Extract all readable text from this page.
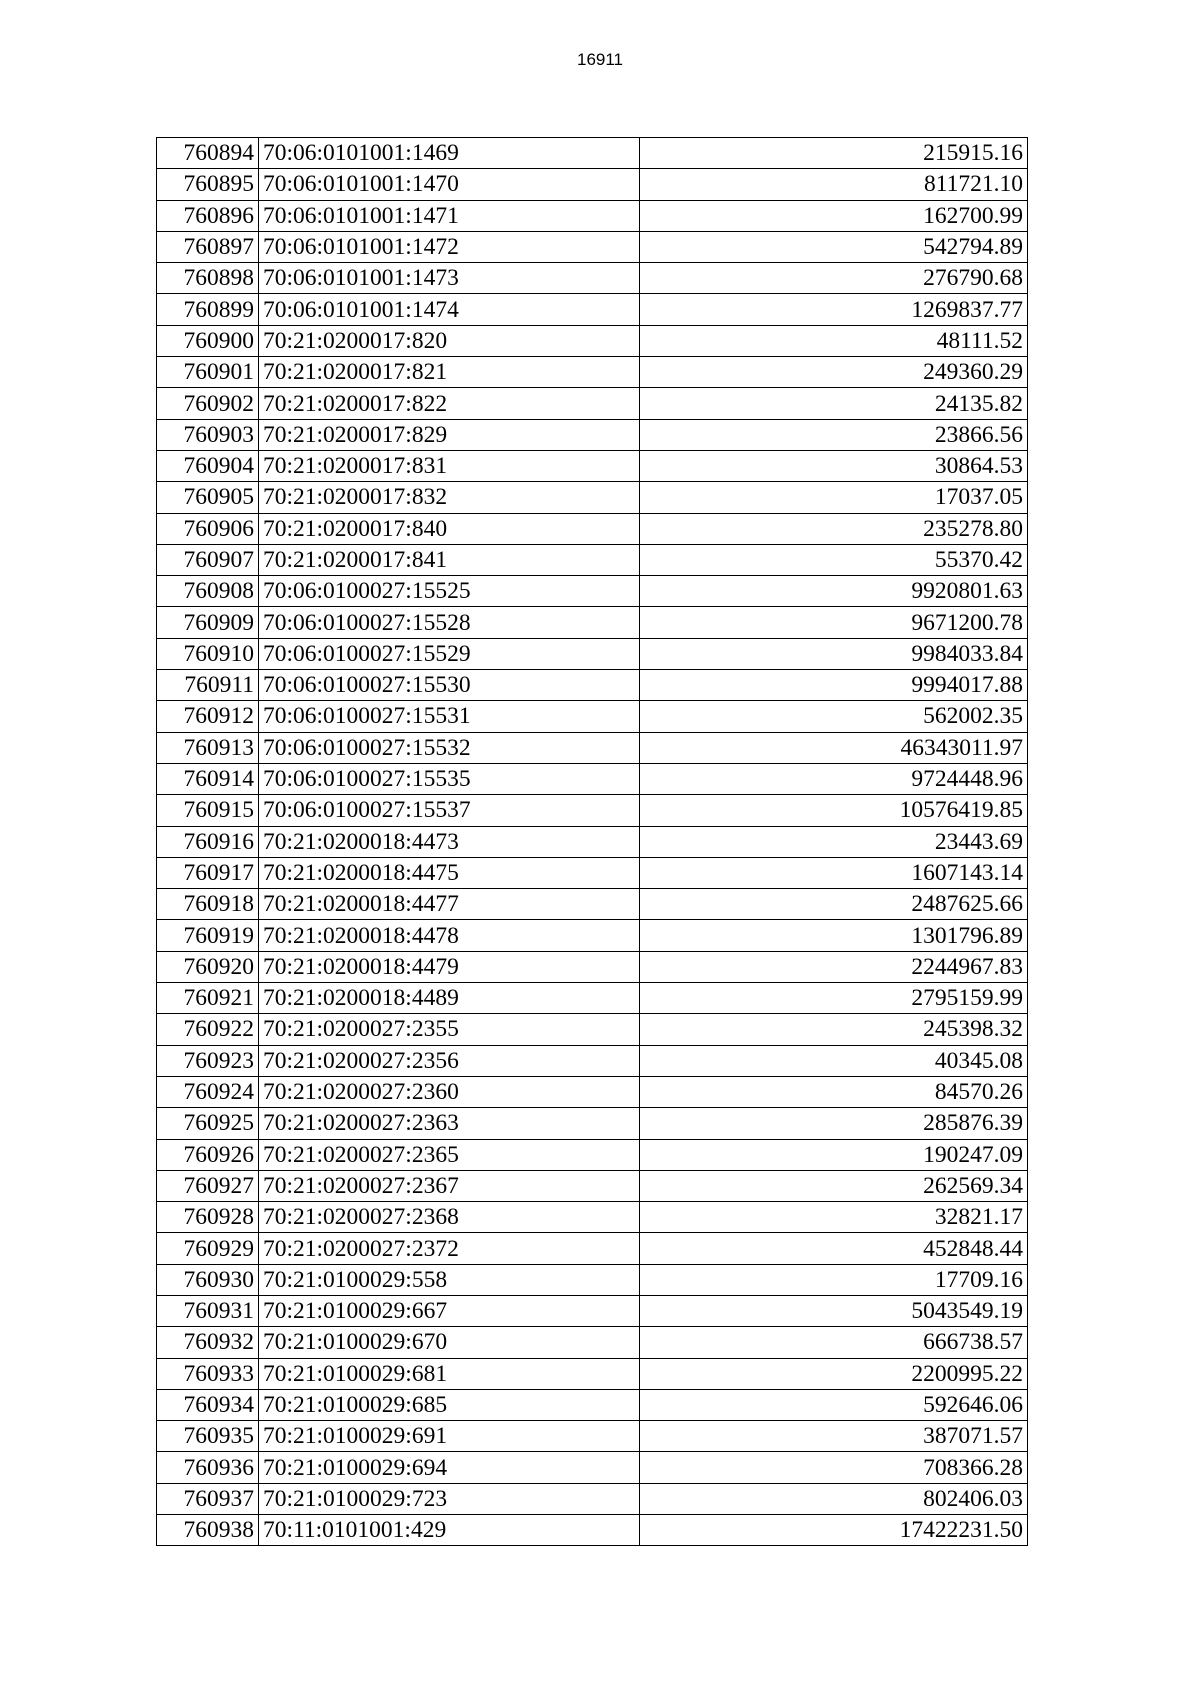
16911
760894	70:06:0101001:1469	215915.16
760895	70:06:0101001:1470	811721.10
760896	70:06:0101001:1471	162700.99
760897	70:06:0101001:1472	542794.89
760898	70:06:0101001:1473	276790.68
760899	70:06:0101001:1474	1269837.77
760900	70:21:0200017:820	48111.52
760901	70:21:0200017:821	249360.29
760902	70:21:0200017:822	24135.82
760903	70:21:0200017:829	23866.56
760904	70:21:0200017:831	30864.53
760905	70:21:0200017:832	17037.05
760906	70:21:0200017:840	235278.80
760907	70:21:0200017:841	55370.42
760908	70:06:0100027:15525	9920801.63
760909	70:06:0100027:15528	9671200.78
760910	70:06:0100027:15529	9984033.84
760911	70:06:0100027:15530	9994017.88
760912	70:06:0100027:15531	562002.35
760913	70:06:0100027:15532	46343011.97
760914	70:06:0100027:15535	9724448.96
760915	70:06:0100027:15537	10576419.85
760916	70:21:0200018:4473	23443.69
760917	70:21:0200018:4475	1607143.14
760918	70:21:0200018:4477	2487625.66
760919	70:21:0200018:4478	1301796.89
760920	70:21:0200018:4479	2244967.83
760921	70:21:0200018:4489	2795159.99
760922	70:21:0200027:2355	245398.32
760923	70:21:0200027:2356	40345.08
760924	70:21:0200027:2360	84570.26
760925	70:21:0200027:2363	285876.39
760926	70:21:0200027:2365	190247.09
760927	70:21:0200027:2367	262569.34
760928	70:21:0200027:2368	32821.17
760929	70:21:0200027:2372	452848.44
760930	70:21:0100029:558	17709.16
760931	70:21:0100029:667	5043549.19
760932	70:21:0100029:670	666738.57
760933	70:21:0100029:681	2200995.22
760934	70:21:0100029:685	592646.06
760935	70:21:0100029:691	387071.57
760936	70:21:0100029:694	708366.28
760937	70:21:0100029:723	802406.03
760938	70:11:0101001:429	17422231.50
